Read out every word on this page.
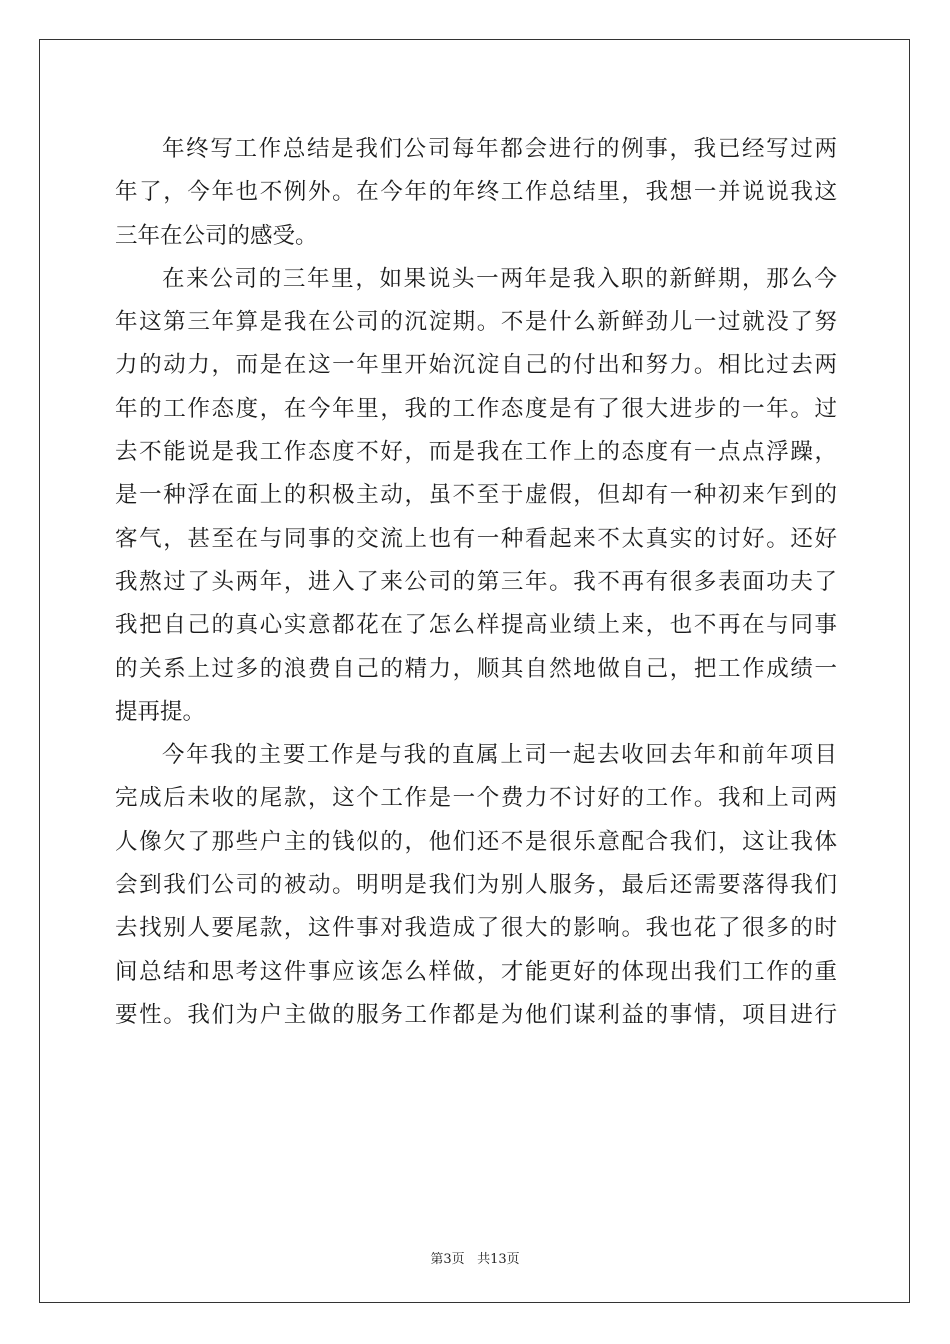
年终写工作总结是我们公司每年都会进行的例事，我已经写过两
年了，今年也不例外。在今年的年终工作总结里，我想一并说说我这
三年在公司的感受。
在来公司的三年里，如果说头一两年是我入职的新鲜期，那么今
年这第三年算是我在公司的沉淀期。不是什么新鲜劲儿一过就没了努
力的动力，而是在这一年里开始沉淀自己的付出和努力。相比过去两
年的工作态度，在今年里，我的工作态度是有了很大进步的一年。过
去不能说是我工作态度不好，而是我在工作上的态度有一点点浮躁，
是一种浮在面上的积极主动，虽不至于虚假，但却有一种初来乍到的
客气，甚至在与同事的交流上也有一种看起来不太真实的讨好。还好
我熬过了头两年，进入了来公司的第三年。我不再有很多表面功夫了
我把自己的真心实意都花在了怎么样提高业绩上来，也不再在与同事
的关系上过多的浪费自己的精力，顺其自然地做自己，把工作成绩一
提再提。
今年我的主要工作是与我的直属上司一起去收回去年和前年项目
完成后未收的尾款，这个工作是一个费力不讨好的工作。我和上司两
人像欠了那些户主的钱似的，他们还不是很乐意配合我们，这让我体
会到我们公司的被动。明明是我们为别人服务，最后还需要落得我们
去找别人要尾款，这件事对我造成了很大的影响。我也花了很多的时
间总结和思考这件事应该怎么样做，才能更好的体现出我们工作的重
要性。我们为户主做的服务工作都是为他们谋利益的事情，项目进行
第3页 共13页
